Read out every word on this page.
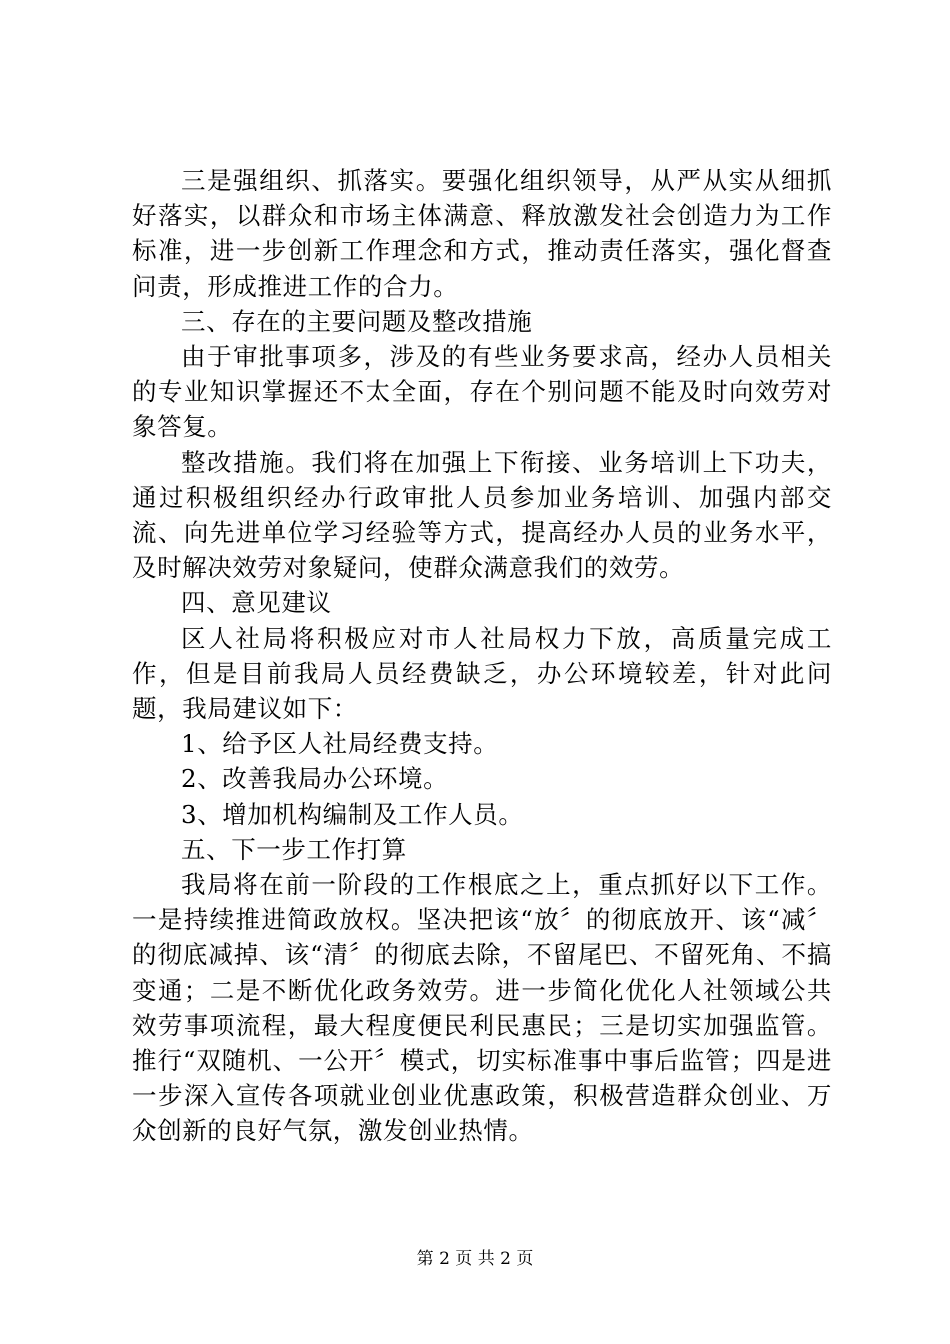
三是强组织、抓落实。要强化组织领导，从严从实从细抓好落实，以群众和市场主体满意、释放激发社会创造力为工作标准，进一步创新工作理念和方式，推动责任落实，强化督查问责，形成推进工作的合力。

三、存在的主要问题及整改措施

由于审批事项多，涉及的有些业务要求高，经办人员相关的专业知识掌握还不太全面，存在个别问题不能及时向效劳对象答复。

整改措施。我们将在加强上下衔接、业务培训上下功夫，通过积极组织经办行政审批人员参加业务培训、加强内部交流、向先进单位学习经验等方式，提高经办人员的业务水平，及时解决效劳对象疑问，使群众满意我们的效劳。

四、意见建议

区人社局将积极应对市人社局权力下放，高质量完成工作，但是目前我局人员经费缺乏，办公环境较差，针对此问题，我局建议如下：

1、给予区人社局经费支持。

2、改善我局办公环境。

3、增加机构编制及工作人员。

五、下一步工作打算

我局将在前一阶段的工作根底之上，重点抓好以下工作。一是持续推进简政放权。坚决把该“放〞的彻底放开、该“减〞的彻底减掉、该“清〞的彻底去除，不留尾巴、不留死角、不搞变通；二是不断优化政务效劳。进一步简化优化人社领域公共效劳事项流程，最大程度便民利民惠民；三是切实加强监管。推行“双随机、一公开〞模式，切实标准事中事后监管；四是进一步深入宣传各项就业创业优惠政策，积极营造群众创业、万众创新的良好气氛，激发创业热情。

第 2 页 共 2 页
